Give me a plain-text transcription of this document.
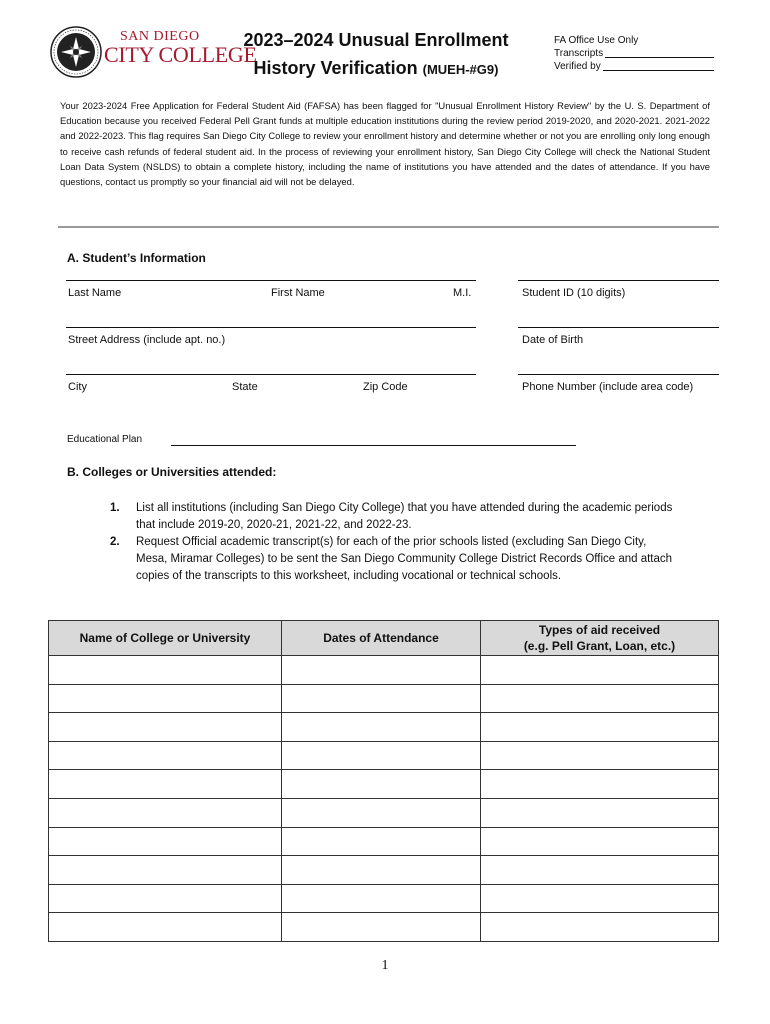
SAN DIEGO
CITY COLLEGE
2023–2024 Unusual Enrollment
History Verification (MUEH-#G9)
FA Office Use Only
Transcripts
Verified by
Your 2023-2024 Free Application for Federal Student Aid (FAFSA) has been flagged for "Unusual Enrollment History Review" by the U. S. Department of Education because you received Federal Pell Grant funds at multiple education institutions during the review period 2019-2020, and 2020-2021. 2021-2022 and 2022-2023. This flag requires San Diego City College to review your enrollment history and determine whether or not you are enrolling only long enough to receive cash refunds of federal student aid. In the process of reviewing your enrollment history, San Diego City College will check the National Student Loan Data System (NSLDS) to obtain a complete history, including the name of institutions you have attended and the dates of attendance. If you have questions, contact us promptly so your financial aid will not be delayed.
A. Student’s Information
Last Name	First Name	M.I.	Student ID (10 digits)
Street Address (include apt. no.)	Date of Birth
City	State	Zip Code	Phone Number (include area code)
Educational Plan
B. Colleges or Universities attended:
1.	List all institutions (including San Diego City College) that you have attended during the academic periods that include 2019-20, 2020-21, 2021-22, and 2022-23.
2.	Request Official academic transcript(s) for each of the prior schools listed (excluding San Diego City, Mesa, Miramar Colleges) to be sent the San Diego Community College District Records Office and attach copies of the transcripts to this worksheet, including vocational or technical schools.
Name of College or University	Dates of Attendance	Types of aid received
(e.g. Pell Grant, Loan, etc.)

1
